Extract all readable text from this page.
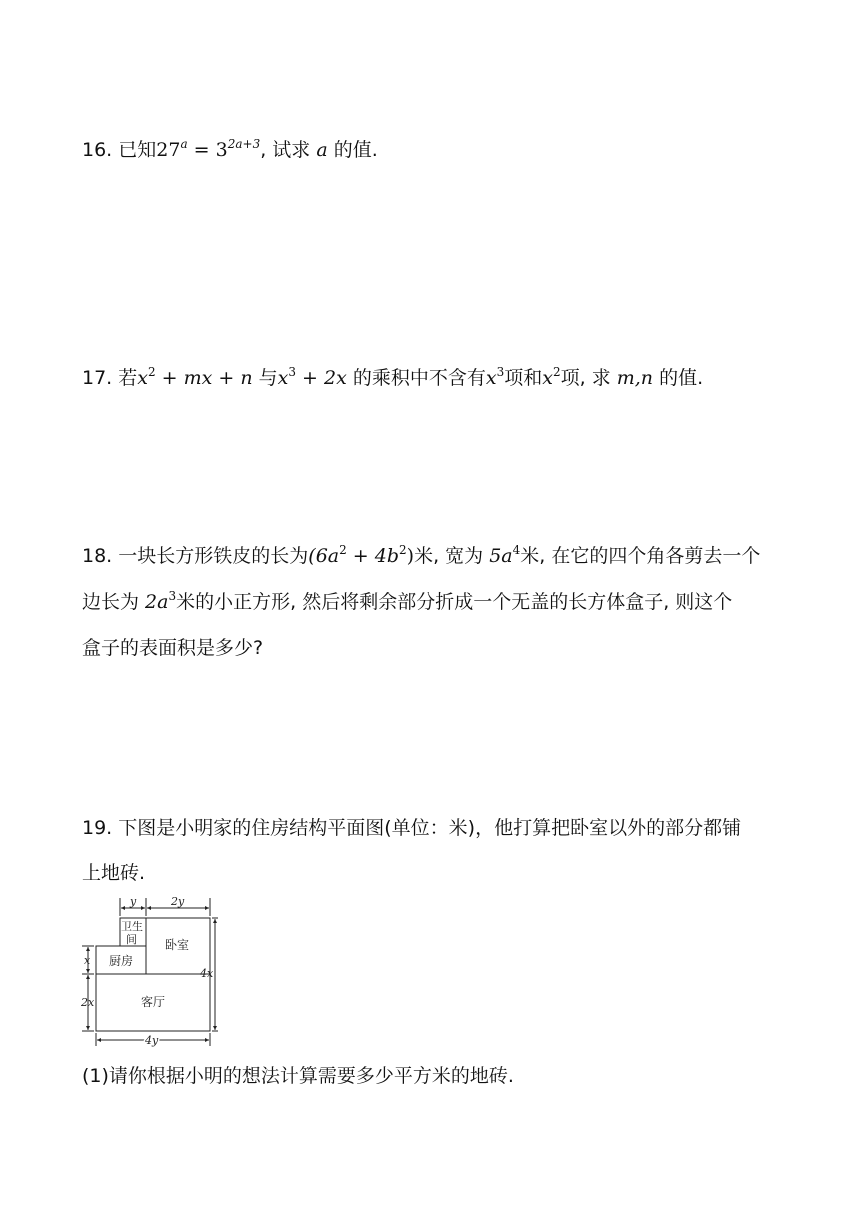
16. 已知$27^a = 3^{2a+3}$, 试求 a 的值.
17. 若$x^2$ + mx + n 与$x^3 + 2x$ 的乘积中不含有$x^3$项和$x^2$项, 求 m,n 的值.
18. 一块长方形铁皮的长为$(6a^2 + 4b^2)$米, 宽为 $5a^4$米, 在它的四个角各剪去一个
边长为 $2a^3$米的小正方形, 然后将剩余部分折成一个无盖的长方体盒子, 则这个
盒子的表面积是多少?
19. 下图是小明家的住房结构平面图(单位：米)，他打算把卧室以外的部分都铺
上地砖.
y	2y
x
2x
4x
4y
卫生
间 卧室
厨房
客厅
(1)请你根据小明的想法计算需要多少平方米的地砖.
